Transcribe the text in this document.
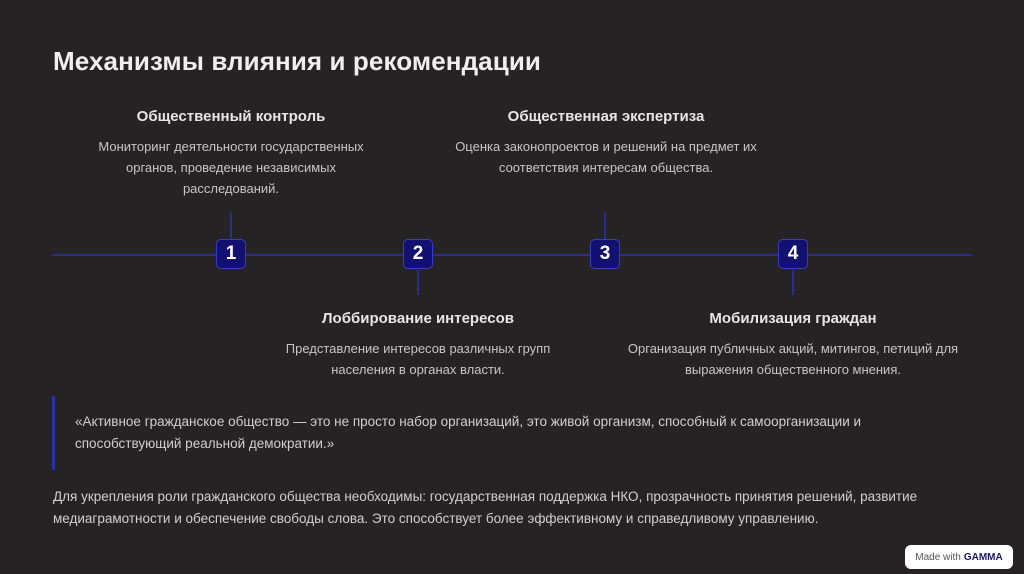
Механизмы влияния и рекомендации
1	2	3	4
Общественный контроль
Мониторинг деятельности государственных органов, проведение независимых расследований.
Общественная экспертиза
Оценка законопроектов и решений на предмет их соответствия интересам общества.
Лоббирование интересов
Представление интересов различных групп населения в органах власти.
Мобилизация граждан
Организация публичных акций, митингов, петиций для выражения общественного мнения.
«Активное гражданское общество — это не просто набор организаций, это живой организм, способный к самоорганизации и способствующий реальной демократии.»
Для укрепления роли гражданского общества необходимы: государственная поддержка НКО, прозрачность принятия решений, развитие медиаграмотности и обеспечение свободы слова. Это способствует более эффективному и справедливому управлению.
Made with GAMMA
